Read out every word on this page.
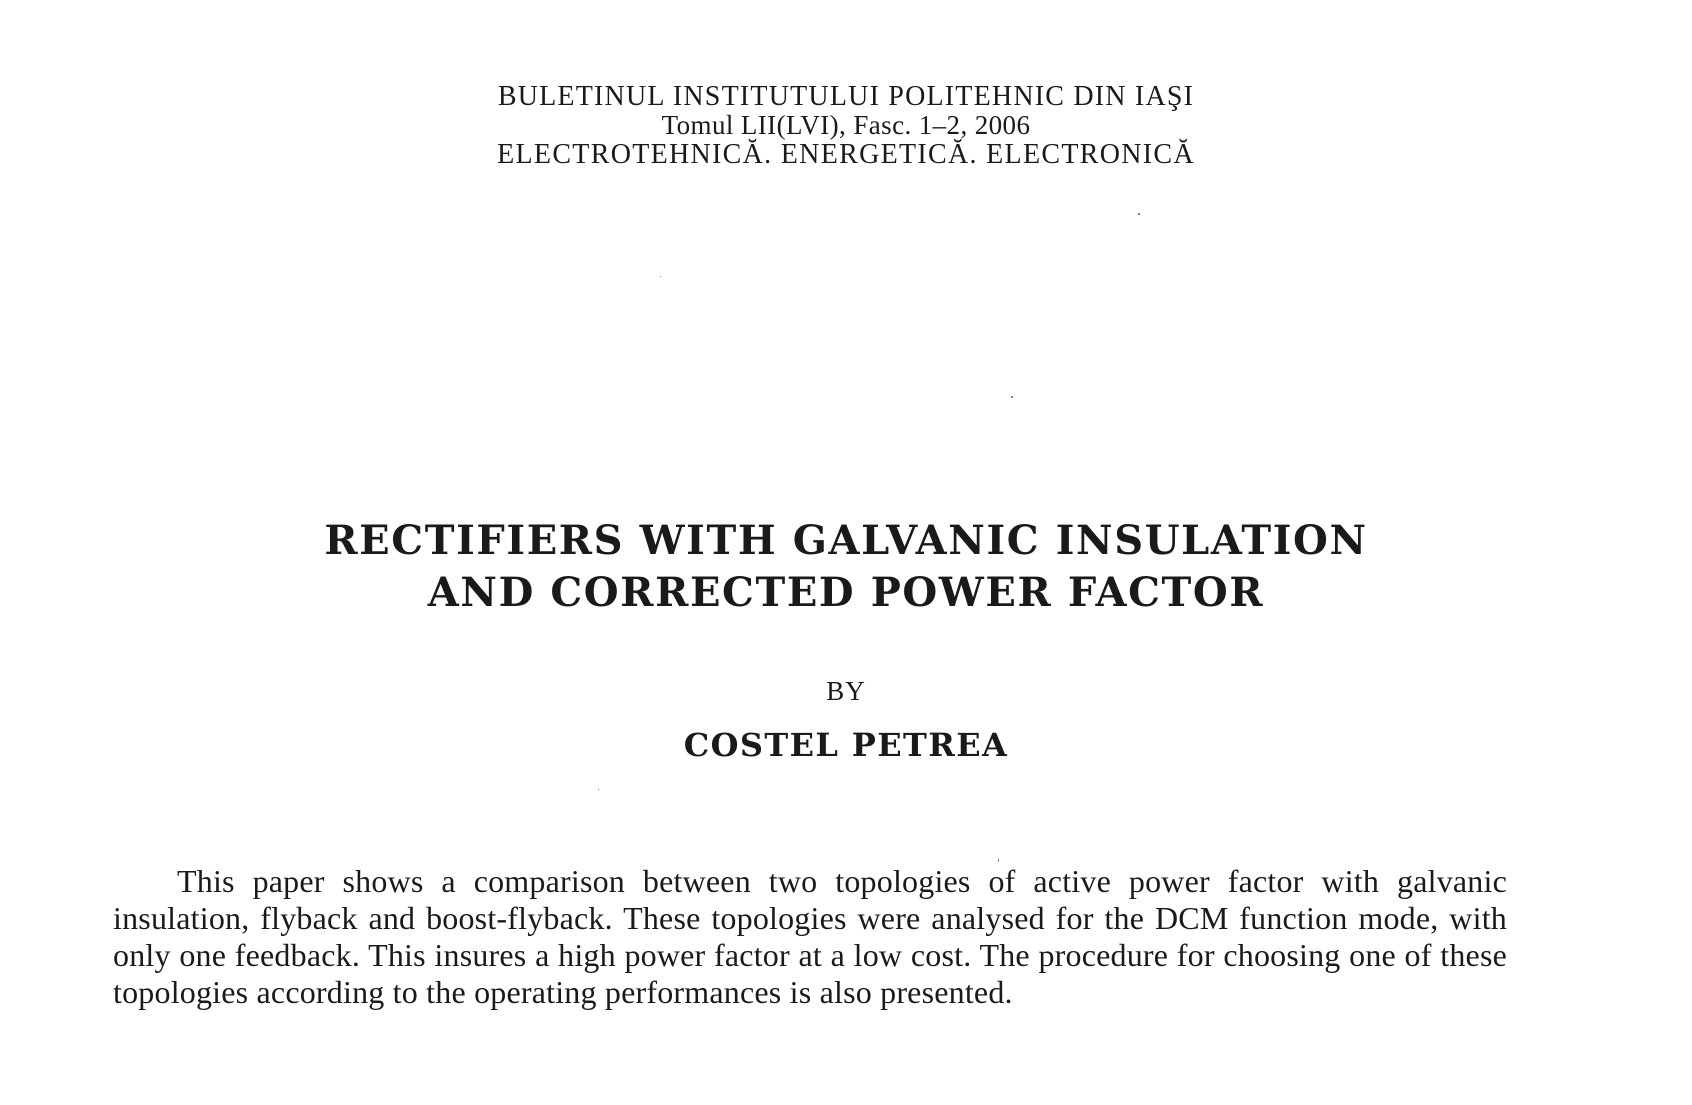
BULETINUL INSTITUTULUI POLITEHNIC DIN IAŞI
Tomul LII(LVI), Fasc. 1–2, 2006
ELECTROTEHNICĂ. ENERGETICĂ. ELECTRONICĂ
RECTIFIERS WITH GALVANIC INSULATION
AND CORRECTED POWER FACTOR
BY
COSTEL PETREA
This paper shows a comparison between two topologies of active power factor with galvanic insulation, flyback and boost-flyback. These topologies were analysed for the DCM function mode, with only one feedback. This insures a high power factor at a low cost. The procedure for choosing one of these topologies according to the operating performances is also presented.
